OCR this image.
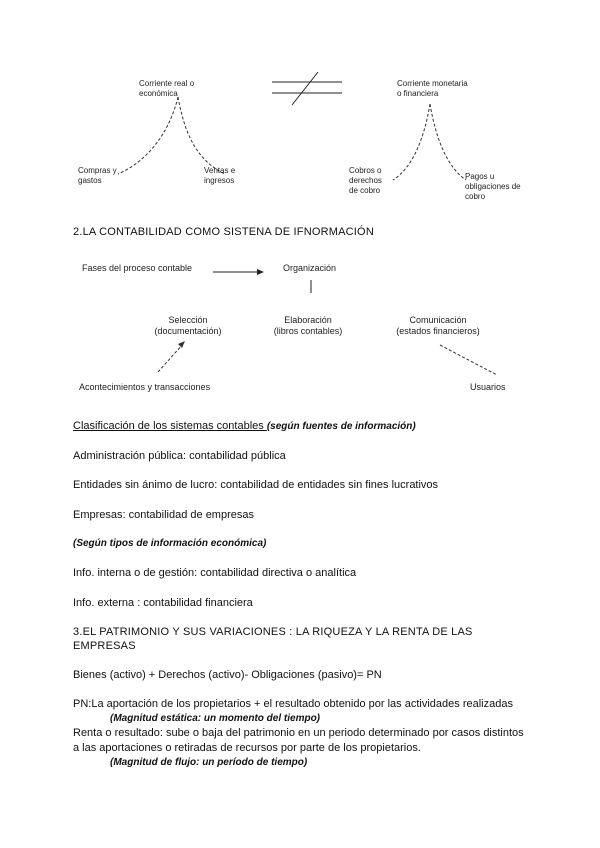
Corriente real o
económica
Compras y
gastos
Ventas e
ingresos
Corriente monetaria
o financiera
Cobros o
derechos
de cobro
Pagos u
obligaciones de
cobro
2.LA CONTABILIDAD COMO SISTENA DE IFNORMACIÓN
Fases del proceso contable	Organización
Selección
(documentación)
Elaboración
(libros contables)
Comunicación
(estados financieros)
Acontecimientos y transacciones	Usuarios
Clasificación de los sistemas contables (según fuentes de información)
Administración pública: contabilidad pública
Entidades sin ánimo de lucro: contabilidad de entidades sin fines lucrativos
Empresas: contabilidad de empresas
(Según tipos de información económica)
Info. interna o de gestión: contabilidad directiva o analítica
Info. externa : contabilidad financiera
3.EL PATRIMONIO Y SUS VARIACIONES : LA RIQUEZA Y LA RENTA DE LAS
EMPRESAS
Bienes (activo) + Derechos (activo)- Obligaciones (pasivo)= PN
PN:La aportación de los propietarios + el resultado obtenido por las actividades realizadas
(Magnitud estática: un momento del tiempo)
Renta o resultado: sube o baja del patrimonio en un periodo determinado por casos distintos
a las aportaciones o retiradas de recursos por parte de los propietarios.
(Magnitud de flujo: un período de tiempo)
